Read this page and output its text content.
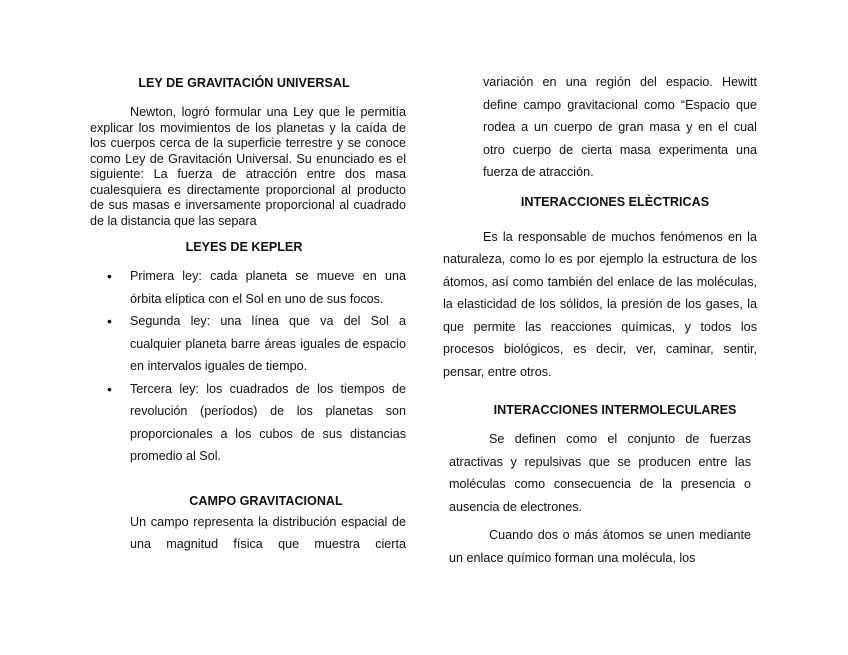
LEY DE GRAVITACIÓN UNIVERSAL

Newton, logró formular una Ley que le permitía explicar los movimientos de los planetas y la caída de los cuerpos cerca de la superficie terrestre y se conoce como Ley de Gravitación Universal. Su enunciado es el siguiente: La fuerza de atracción entre dos masa cualesquiera es directamente proporcional al producto de sus masas e inversamente proporcional al cuadrado de la distancia que las separa

LEYES DE KEPLER
• Primera ley: cada planeta se mueve en una órbita elíptica con el Sol en uno de sus focos.
• Segunda ley: una línea que va del Sol a cualquier planeta barre áreas iguales de espacio en intervalos iguales de tiempo.
• Tercera ley: los cuadrados de los tiempos de revolución (períodos) de los planetas son proporcionales a los cubos de sus distancias promedio al Sol.
CAMPO GRAVITACIONAL

Un campo representa la distribución espacial de una magnitud física que muestra cierta

variación en una región del espacio. Hewitt define campo gravitacional como “Espacio que rodea a un cuerpo de gran masa y en el cual otro cuerpo de cierta masa experimenta una fuerza de atracción.

INTERACCIONES ELÈCTRICAS

Es la responsable de muchos fenómenos en la naturaleza, como lo es por ejemplo la estructura de los átomos, así como también del enlace de las moléculas, la elasticidad de los sólidos, la presión de los gases, la que permite las reacciones químicas, y todos los procesos biológicos, es decir, ver, caminar, sentir, pensar, entre otros.

INTERACCIONES INTERMOLECULARES

Se definen como el conjunto de fuerzas atractivas y repulsivas que se producen entre las moléculas como consecuencia de la presencia o ausencia de electrones.

Cuando dos o más átomos se unen mediante un enlace químico forman una molécula, los
